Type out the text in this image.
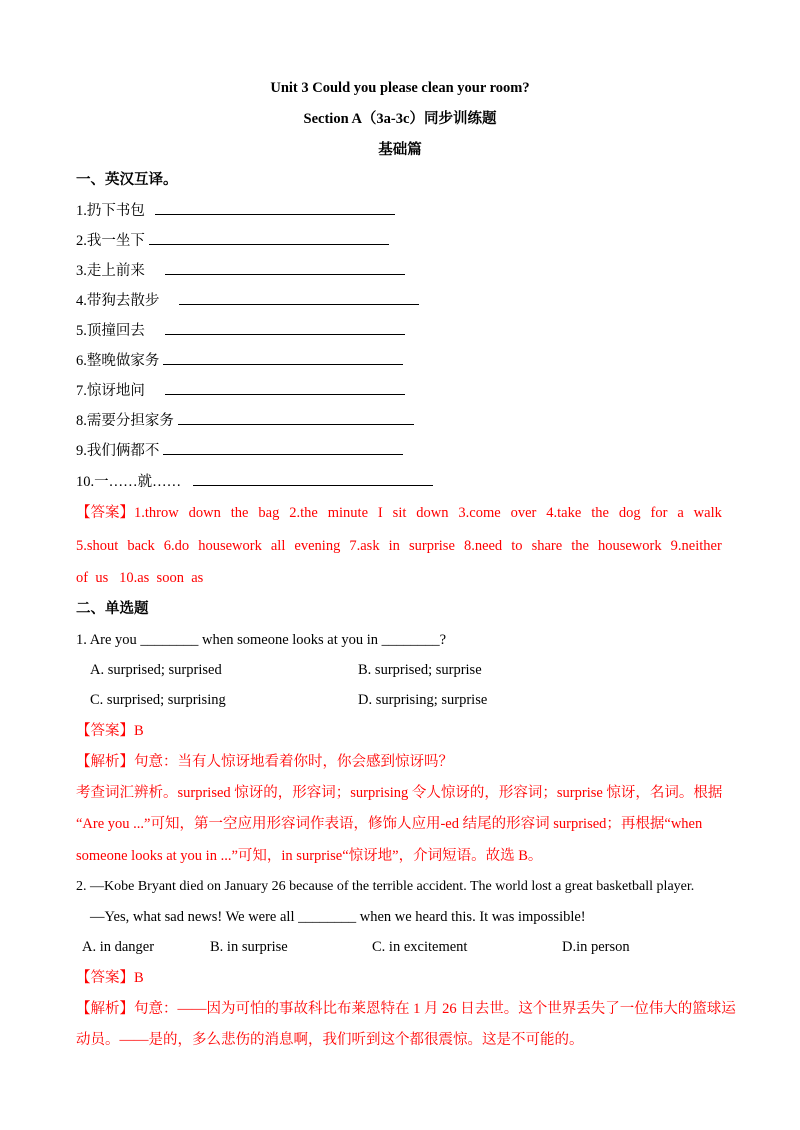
Unit 3 Could you please clean your room?
Section A（3a-3c）同步训练题
基础篇
一、英汉互译。
1.扔下书包
2.我一坐下
3.走上前来
4.带狗去散步
5.顶撞回去
6.整晚做家务
7.惊讶地问
8.需要分担家务
9.我们俩都不
10.一……就……
【答案】1.throw down the bag 2.the minute I sit down 3.come over 4.take the dog for a walk
5.shout back 6.do housework all evening 7.ask in surprise 8.need to share the housework 9.neither
of  us   10.as  soon  as
二、单选题
1. Are you ________ when someone looks at you in ________?
A. surprised; surprised	B. surprised; surprise
C. surprised; surprising	D. surprising; surprise
【答案】B
【解析】句意：当有人惊讶地看着你时，你会感到惊讶吗？
考查词汇辨析。surprised 惊讶的，形容词；surprising 令人惊讶的，形容词；surprise 惊讶，名词。根据
“Are you ...”可知，第一空应用形容词作表语，修饰人应用-ed 结尾的形容词 surprised；再根据“when
someone looks at you in ...”可知，in surprise“惊讶地”，介词短语。故选 B。
2. —Kobe Bryant died on January 26 because of the terrible accident. The world lost a great basketball player.
—Yes, what sad news! We were all ________ when we heard this. It was impossible!
A. in danger	B. in surprise	C. in excitement	D.in person
【答案】B
【解析】句意：——因为可怕的事故科比布莱恩特在 1 月 26 日去世。这个世界丢失了一位伟大的篮球运
动员。——是的，多么悲伤的消息啊，我们听到这个都很震惊。这是不可能的。
